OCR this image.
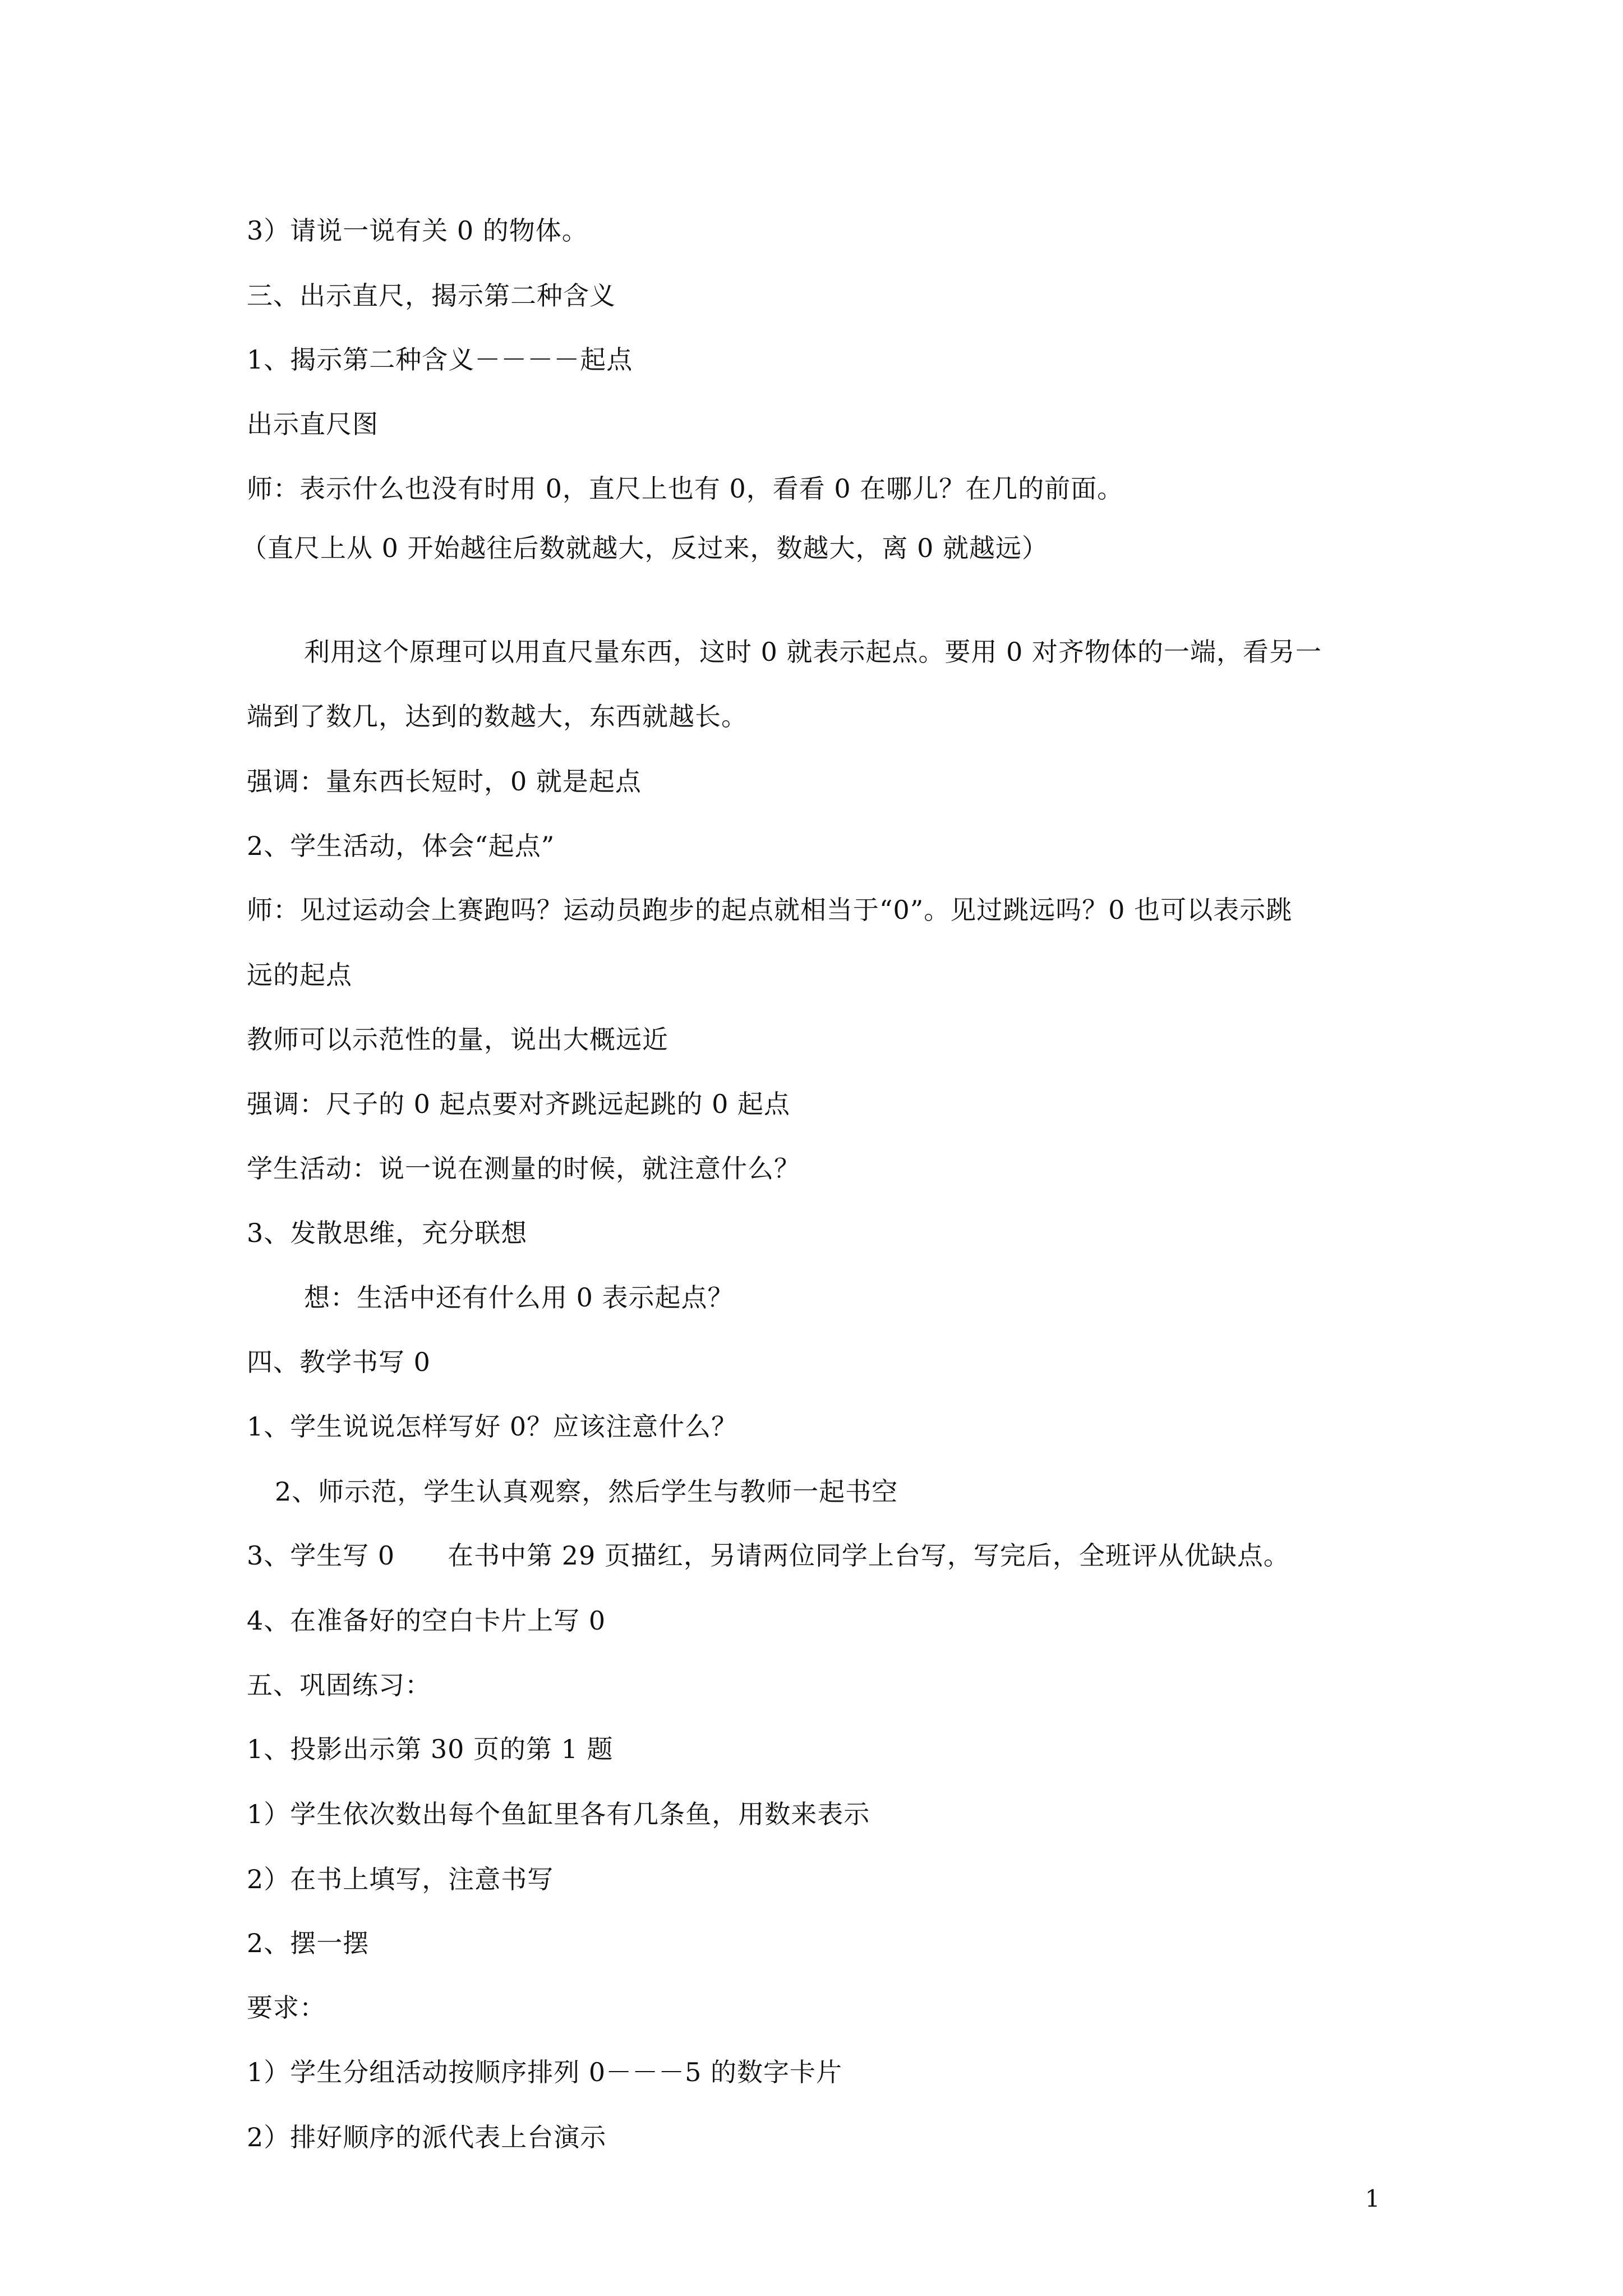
3）请说一说有关 0 的物体。
三、出示直尺，揭示第二种含义
1、揭示第二种含义－－－－起点
出示直尺图
师：表示什么也没有时用 0，直尺上也有 0，看看 0 在哪儿？在几的前面。
（直尺上从 0 开始越往后数就越大，反过来，数越大，离 0 就越远）
利用这个原理可以用直尺量东西，这时 0 就表示起点。要用 0 对齐物体的一端，看另一
端到了数几，达到的数越大，东西就越长。
强调：量东西长短时，0 就是起点
2、学生活动，体会“起点”
师：见过运动会上赛跑吗？运动员跑步的起点就相当于“0”。见过跳远吗？0 也可以表示跳
远的起点
教师可以示范性的量，说出大概远近
强调：尺子的 0 起点要对齐跳远起跳的 0 起点
学生活动：说一说在测量的时候，就注意什么？
3、发散思维，充分联想
想：生活中还有什么用 0 表示起点？
四、教学书写 0
1、学生说说怎样写好 0？应该注意什么？
2、师示范，学生认真观察，然后学生与教师一起书空
3、学生写 0　　在书中第 29 页描红，另请两位同学上台写，写完后，全班评从优缺点。
4、在准备好的空白卡片上写 0
五、巩固练习：
1、投影出示第 30 页的第 1 题
1）学生依次数出每个鱼缸里各有几条鱼，用数来表示
2）在书上填写，注意书写
2、摆一摆
要求：
1）学生分组活动按顺序排列 0－－－5 的数字卡片
2）排好顺序的派代表上台演示
1
